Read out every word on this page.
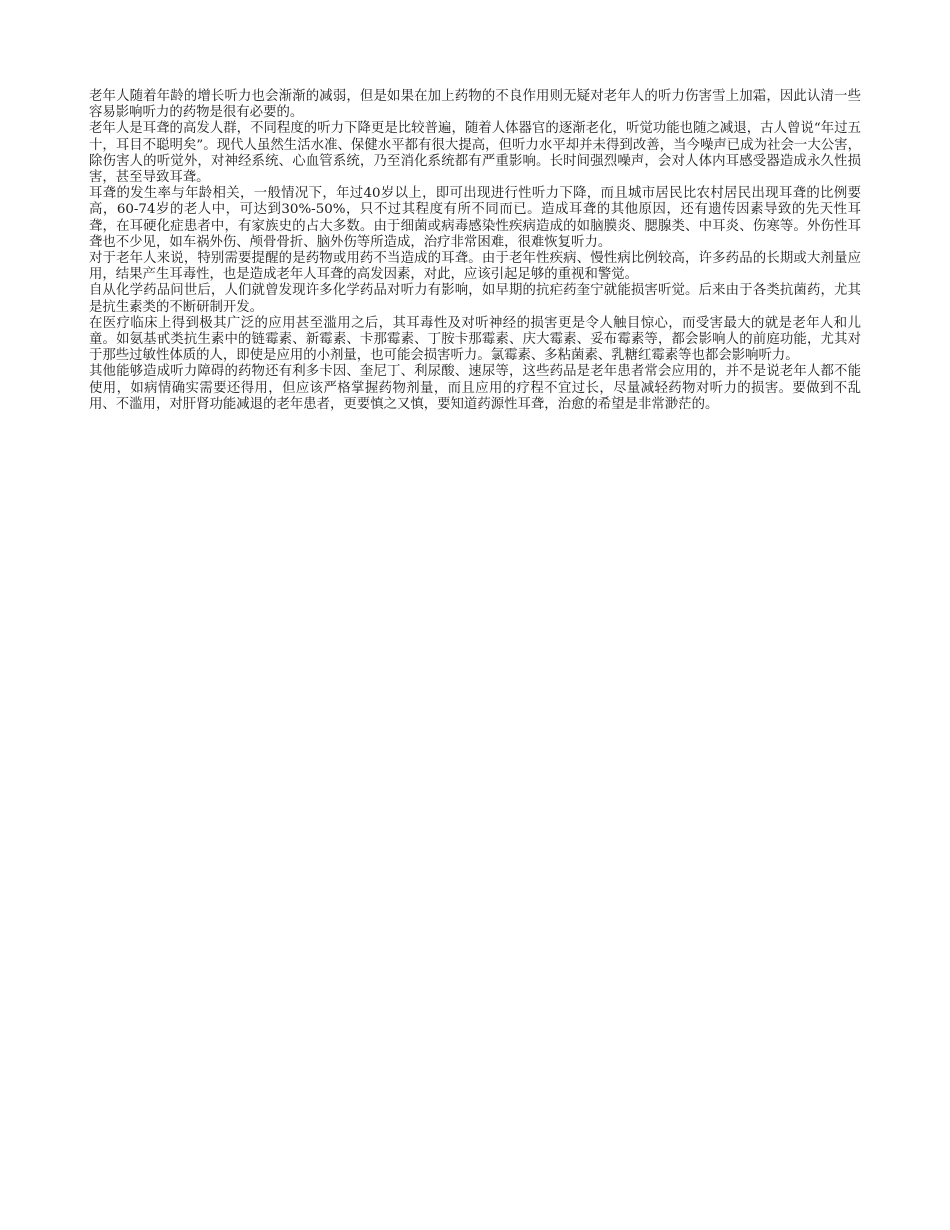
老年人随着年龄的增长听力也会渐渐的减弱，但是如果在加上药物的不良作用则无疑对老年人的听力伤害雪上加霜，因此认清一些容易影响听力的药物是很有必要的。

老年人是耳聋的高发人群，不同程度的听力下降更是比较普遍，随着人体器官的逐渐老化，听觉功能也随之减退，古人曾说“年过五十，耳目不聪明矣”。现代人虽然生活水准、保健水平都有很大提高，但听力水平却并未得到改善，当今噪声已成为社会一大公害，除伤害人的听觉外，对神经系统、心血管系统，乃至消化系统都有严重影响。长时间强烈噪声，会对人体内耳感受器造成永久性损害，甚至导致耳聋。

耳聋的发生率与年龄相关，一般情况下，年过40岁以上，即可出现进行性听力下降，而且城市居民比农村居民出现耳聋的比例要高，60-74岁的老人中，可达到30%-50%，只不过其程度有所不同而已。造成耳聋的其他原因，还有遗传因素导致的先天性耳聋，在耳硬化症患者中，有家族史的占大多数。由于细菌或病毒感染性疾病造成的如脑膜炎、腮腺类、中耳炎、伤寒等。外伤性耳聋也不少见，如车祸外伤、颅骨骨折、脑外伤等所造成，治疗非常困难，很难恢复听力。

对于老年人来说，特别需要提醒的是药物或用药不当造成的耳聋。由于老年性疾病、慢性病比例较高，许多药品的长期或大剂量应用，结果产生耳毒性，也是造成老年人耳聋的高发因素，对此，应该引起足够的重视和警觉。

自从化学药品问世后，人们就曾发现许多化学药品对听力有影响，如早期的抗疟药奎宁就能损害听觉。后来由于各类抗菌药，尤其是抗生素类的不断研制开发。

在医疗临床上得到极其广泛的应用甚至滥用之后，其耳毒性及对听神经的损害更是令人触目惊心，而受害最大的就是老年人和儿童。如氨基甙类抗生素中的链霉素、新霉素、卡那霉素、丁胺卡那霉素、庆大霉素、妥布霉素等，都会影响人的前庭功能，尤其对于那些过敏性体质的人，即使是应用的小剂量，也可能会损害听力。氯霉素、多粘菌素、乳糖红霉素等也都会影响听力。

其他能够造成听力障碍的药物还有利多卡因、奎尼丁、利尿酸、速尿等，这些药品是老年患者常会应用的，并不是说老年人都不能使用，如病情确实需要还得用，但应该严格掌握药物剂量，而且应用的疗程不宜过长，尽量减轻药物对听力的损害。要做到不乱用、不滥用，对肝肾功能减退的老年患者，更要慎之又慎，要知道药源性耳聋，治愈的希望是非常渺茫的。
